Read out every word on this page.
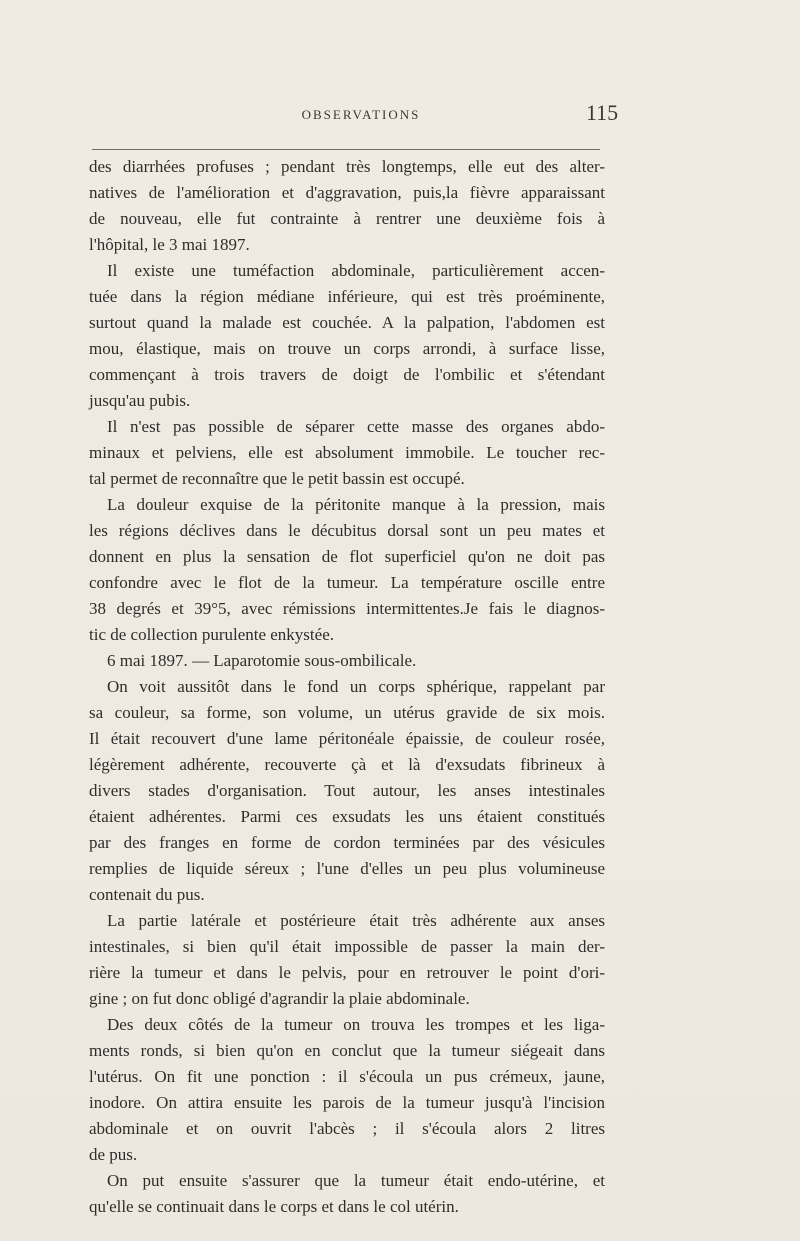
OBSERVATIONS	115
des diarrhées profuses ; pendant très longtemps, elle eut des alter-
natives de l'amélioration et d'aggravation, puis,la fièvre apparaissant
de nouveau, elle fut contrainte à rentrer une deuxième fois à
l'hôpital, le 3 mai 1897.
Il existe une tuméfaction abdominale, particulièrement accen-
tuée dans la région médiane inférieure, qui est très proéminente,
surtout quand la malade est couchée. A la palpation, l'abdomen est
mou, élastique, mais on trouve un corps arrondi, à surface lisse,
commençant à trois travers de doigt de l'ombilic et s'étendant
jusqu'au pubis.
Il n'est pas possible de séparer cette masse des organes abdo-
minaux et pelviens, elle est absolument immobile. Le toucher rec-
tal permet de reconnaître que le petit bassin est occupé.
La douleur exquise de la péritonite manque à la pression, mais
les régions déclives dans le décubitus dorsal sont un peu mates et
donnent en plus la sensation de flot superficiel qu'on ne doit pas
confondre avec le flot de la tumeur. La température oscille entre
38 degrés et 39°5, avec rémissions intermittentes.Je fais le diagnos-
tic de collection purulente enkystée.
6 mai 1897. — Laparotomie sous-ombilicale.
On voit aussitôt dans le fond un corps sphérique, rappelant par
sa couleur, sa forme, son volume, un utérus gravide de six mois.
Il était recouvert d'une lame péritonéale épaissie, de couleur rosée,
légèrement adhérente, recouverte çà et là d'exsudats fibrineux à
divers stades d'organisation. Tout autour, les anses intestinales
étaient adhérentes. Parmi ces exsudats les uns étaient constitués
par des franges en forme de cordon terminées par des vésicules
remplies de liquide séreux ; l'une d'elles un peu plus volumineuse
contenait du pus.
La partie latérale et postérieure était très adhérente aux anses
intestinales, si bien qu'il était impossible de passer la main der-
rière la tumeur et dans le pelvis, pour en retrouver le point d'ori-
gine ; on fut donc obligé d'agrandir la plaie abdominale.
Des deux côtés de la tumeur on trouva les trompes et les liga-
ments ronds, si bien qu'on en conclut que la tumeur siégeait dans
l'utérus. On fit une ponction : il s'écoula un pus crémeux, jaune,
inodore. On attira ensuite les parois de la tumeur jusqu'à l'incision
abdominale et on ouvrit l'abcès ; il s'écoula alors 2 litres
de pus.
On put ensuite s'assurer que la tumeur était endo-utérine, et
qu'elle se continuait dans le corps et dans le col utérin.
